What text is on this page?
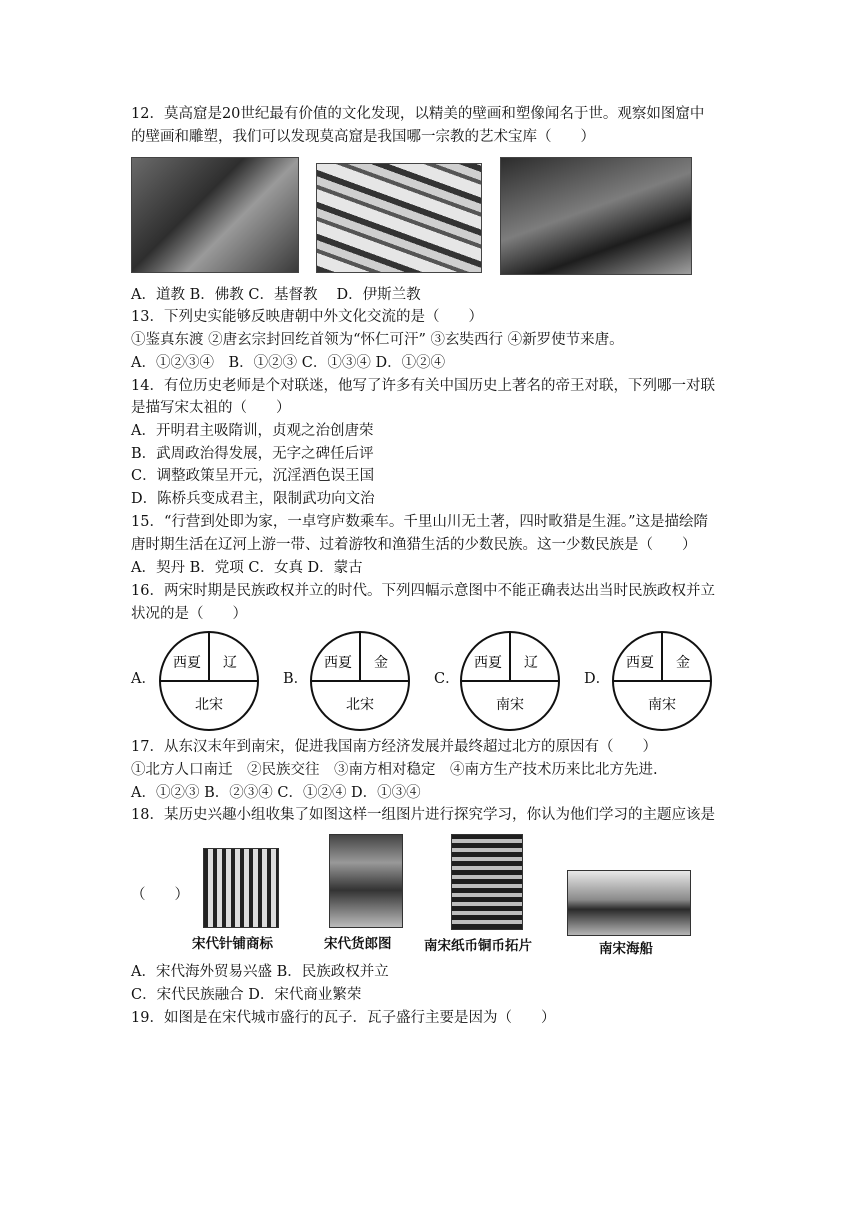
12．莫高窟是20世纪最有价值的文化发现，以精美的壁画和塑像闻名于世。观察如图窟中
的壁画和雕塑，我们可以发现莫高窟是我国哪一宗教的艺术宝库（　　）
A．道教 B．佛教 C．基督教　 D．伊斯兰教
13．下列史实能够反映唐朝中外文化交流的是（　　）
①鉴真东渡 ②唐玄宗封回纥首领为“怀仁可汗” ③玄奘西行 ④新罗使节来唐。
A．①②③④　B．①②③ C．①③④ D．①②④
14．有位历史老师是个对联迷，他写了许多有关中国历史上著名的帝王对联，下列哪一对联
是描写宋太祖的（　　）
A．开明君主吸隋训，贞观之治创唐荣
B．武周政治得发展，无字之碑任后评
C．调整政策呈开元，沉淫酒色误王国
D．陈桥兵变成君主，限制武功向文治
15．“行营到处即为家，一卓穹庐数乘车。千里山川无土著，四时畋猎是生涯。”这是描绘隋
唐时期生活在辽河上游一带、过着游牧和渔猎生活的少数民族。这一少数民族是（　　）
A．契丹 B．党项 C．女真 D．蒙古
16．两宋时期是民族政权并立的时代。下列四幅示意图中不能正确表达出当时民族政权并立
状况的是（　　）
A．
西夏 辽
北宋
B．
西夏 金
北宋
C．
西夏 辽
南宋
D．
西夏 金
南宋
17．从东汉末年到南宋，促进我国南方经济发展并最终超过北方的原因有（　　）
①北方人口南迁　②民族交往　③南方相对稳定　④南方生产技术历来比北方先进.
A．①②③ B．②③④ C．①②④ D．①③④
18．某历史兴趣小组收集了如图这样一组图片进行探究学习，你认为他们学习的主题应该是
（　　）
宋代针铺商标	宋代货郎图 南宋纸币铜币拓片	南宋海船
A．宋代海外贸易兴盛 B．民族政权并立
C．宋代民族融合 D．宋代商业繁荣
19．如图是在宋代城市盛行的瓦子．瓦子盛行主要是因为（　　）
